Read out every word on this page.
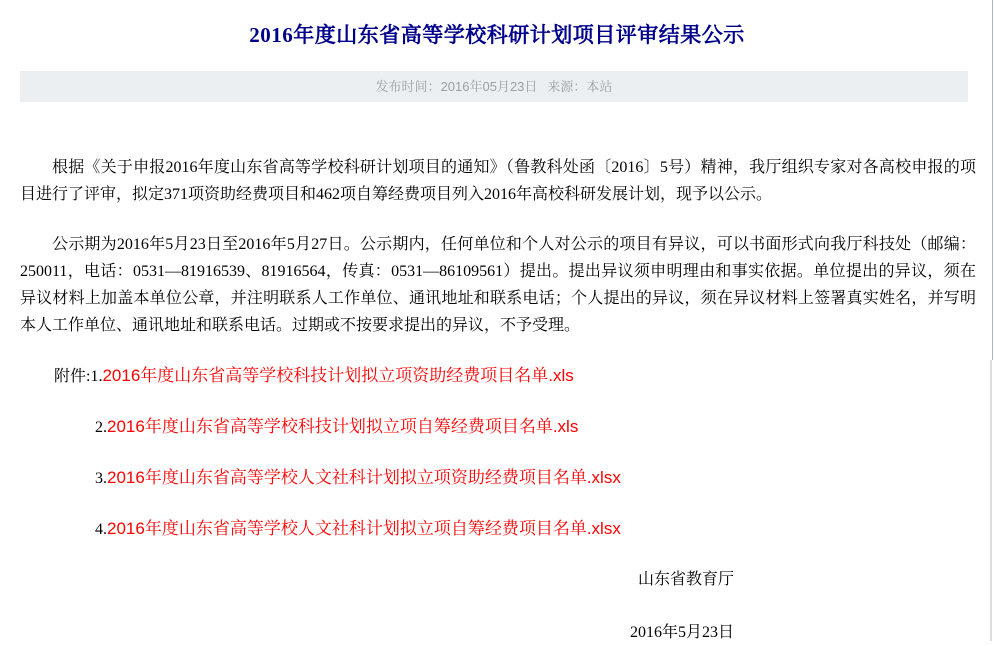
2016年度山东省高等学校科研计划项目评审结果公示
发布时间：2016年05月23日 来源：本站

根据《关于申报2016年度山东省高等学校科研计划项目的通知》（鲁教科处函〔2016〕5号）精神，我厅组织专家对各高校申报的项目进行了评审，拟定371项资助经费项目和462项自筹经费项目列入2016年高校科研发展计划，现予以公示。

公示期为2016年5月23日至2016年5月27日。公示期内，任何单位和个人对公示的项目有异议，可以书面形式向我厅科技处（邮编：250011，电话：0531—81916539、81916564，传真：0531—86109561）提出。提出异议须申明理由和事实依据。单位提出的异议，须在异议材料上加盖本单位公章，并注明联系人工作单位、通讯地址和联系电话；个人提出的异议，须在异议材料上签署真实姓名，并写明本人工作单位、通讯地址和联系电话。过期或不按要求提出的异议，不予受理。

附件:1.2016年度山东省高等学校科技计划拟立项资助经费项目名单.xls
2.2016年度山东省高等学校科技计划拟立项自筹经费项目名单.xls
3.2016年度山东省高等学校人文社科计划拟立项资助经费项目名单.xlsx
4.2016年度山东省高等学校人文社科计划拟立项自筹经费项目名单.xlsx
山东省教育厅
2016年5月23日
